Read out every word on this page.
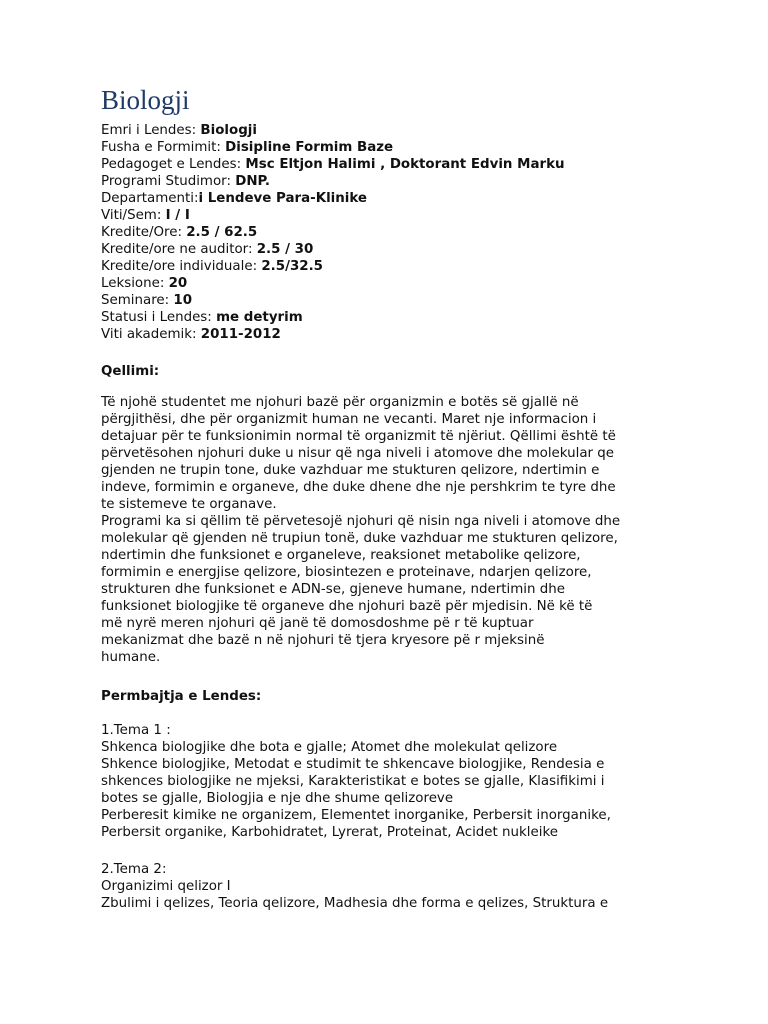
Biologji
Emri i Lendes: Biologji
Fusha e Formimit: Disipline Formim Baze
Pedagoget e Lendes: Msc Eltjon Halimi , Doktorant Edvin Marku
Programi Studimor: DNP.
Departamenti:i Lendeve Para-Klinike
Viti/Sem: I / I
Kredite/Ore: 2.5 / 62.5
Kredite/ore ne auditor: 2.5 / 30
Kredite/ore individuale: 2.5/32.5
Leksione: 20
Seminare: 10
Statusi i Lendes: me detyrim
Viti akademik: 2011-2012
Qellimi:
Të njohë studentet me njohuri bazë për organizmin e botës së gjallë në
përgjithësi, dhe për organizmit human ne vecanti. Maret nje informacion i
detajuar për te funksionimin normal të organizmit të njëriut. Qëllimi është të
përvetësohen njohuri duke u nisur që nga niveli i atomove dhe molekular qe
gjenden ne trupin tone, duke vazhduar me stukturen qelizore, ndertimin e
indeve, formimin e organeve, dhe duke dhene dhe nje pershkrim te tyre dhe
te sistemeve te organave.
Programi ka si qëllim të përvetesojë njohuri që nisin nga niveli i atomove dhe
molekular që gjenden në trupiun tonë, duke vazhduar me stukturen qelizore,
ndertimin dhe funksionet e organeleve, reaksionet metabolike qelizore,
formimin e energjise qelizore, biosintezen e proteinave, ndarjen qelizore,
strukturen dhe funksionet e ADN-se, gjeneve humane, ndertimin dhe
funksionet biologjike të organeve dhe njohuri bazë për mjedisin. Në kë të
më nyrë meren njohuri që janë të domosdoshme pë r të kuptuar
mekanizmat dhe bazë n në njohuri të tjera kryesore pë r mjeksinë
humane.
Permbajtja e Lendes:
1.Tema 1 :
Shkenca biologjike dhe bota e gjalle; Atomet dhe molekulat qelizore
Shkence biologjike, Metodat e studimit te shkencave biologjike, Rendesia e
shkences biologjike ne mjeksi, Karakteristikat e botes se gjalle, Klasifikimi i
botes se gjalle, Biologjia e nje dhe shume qelizoreve
Perberesit kimike ne organizem, Elementet inorganike, Perbersit inorganike,
Perbersit organike, Karbohidratet, Lyrerat, Proteinat, Acidet nukleike
2.Tema 2:
Organizimi qelizor I
Zbulimi i qelizes, Teoria qelizore, Madhesia dhe forma e qelizes, Struktura e
